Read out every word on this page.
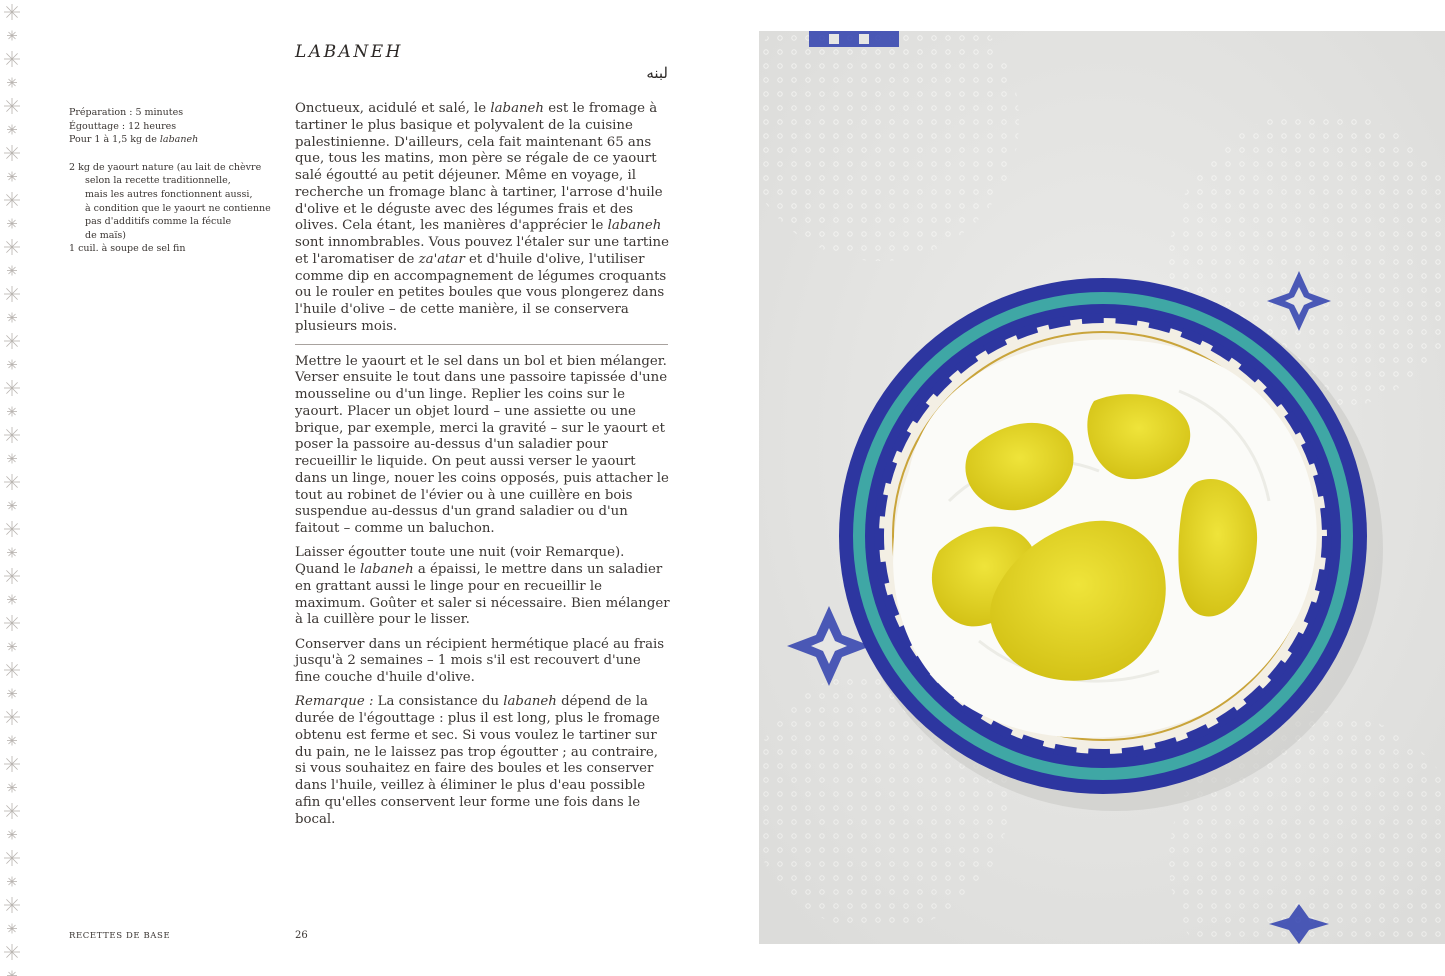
Préparation : 5 minutes
Égouttage : 12 heures
Pour 1 à 1,5 kg de labaneh
2 kg de yaourt nature (au lait de chèvre
selon la recette traditionnelle,
mais les autres fonctionnent aussi,
à condition que le yaourt ne contienne
pas d'additifs comme la fécule
de maïs)
1 cuil. à soupe de sel fin
LABANEH
لبنه

Onctueux, acidulé et salé, le labaneh est le fromage à tartiner le plus basique et polyvalent de la cuisine palestinienne. D'ailleurs, cela fait maintenant 65 ans que, tous les matins, mon père se régale de ce yaourt salé égoutté au petit déjeuner. Même en voyage, il recherche un fromage blanc à tartiner, l'arrose d'huile d'olive et le déguste avec des légumes frais et des olives. Cela étant, les manières d'apprécier le labaneh sont innombrables. Vous pouvez l'étaler sur une tartine et l'aromatiser de za'atar et d'huile d'olive, l'utiliser comme dip en accompagnement de légumes croquants ou le rouler en petites boules que vous plongerez dans l'huile d'olive – de cette manière, il se conservera plusieurs mois.

Mettre le yaourt et le sel dans un bol et bien mélanger. Verser ensuite le tout dans une passoire tapissée d'une mousseline ou d'un linge. Replier les coins sur le yaourt. Placer un objet lourd – une assiette ou une brique, par exemple, merci la gravité – sur le yaourt et poser la passoire au-dessus d'un saladier pour recueillir le liquide. On peut aussi verser le yaourt dans un linge, nouer les coins opposés, puis attacher le tout au robinet de l'évier ou à une cuillère en bois suspendue au-dessus d'un grand saladier ou d'un faitout – comme un baluchon.

Laisser égoutter toute une nuit (voir Remarque). Quand le labaneh a épaissi, le mettre dans un saladier en grattant aussi le linge pour en recueillir le maximum. Goûter et saler si nécessaire. Bien mélanger à la cuillère pour le lisser.

Conserver dans un récipient hermétique placé au frais jusqu'à 2 semaines – 1 mois s'il est recouvert d'une fine couche d'huile d'olive.

Remarque : La consistance du labaneh dépend de la durée de l'égouttage : plus il est long, plus le fromage obtenu est ferme et sec. Si vous voulez le tartiner sur du pain, ne le laissez pas trop égoutter ; au contraire, si vous souhaitez en faire des boules et les conserver dans l'huile, veillez à éliminer le plus d'eau possible afin qu'elles conservent leur forme une fois dans le bocal.

RECETTES DE BASE	26
